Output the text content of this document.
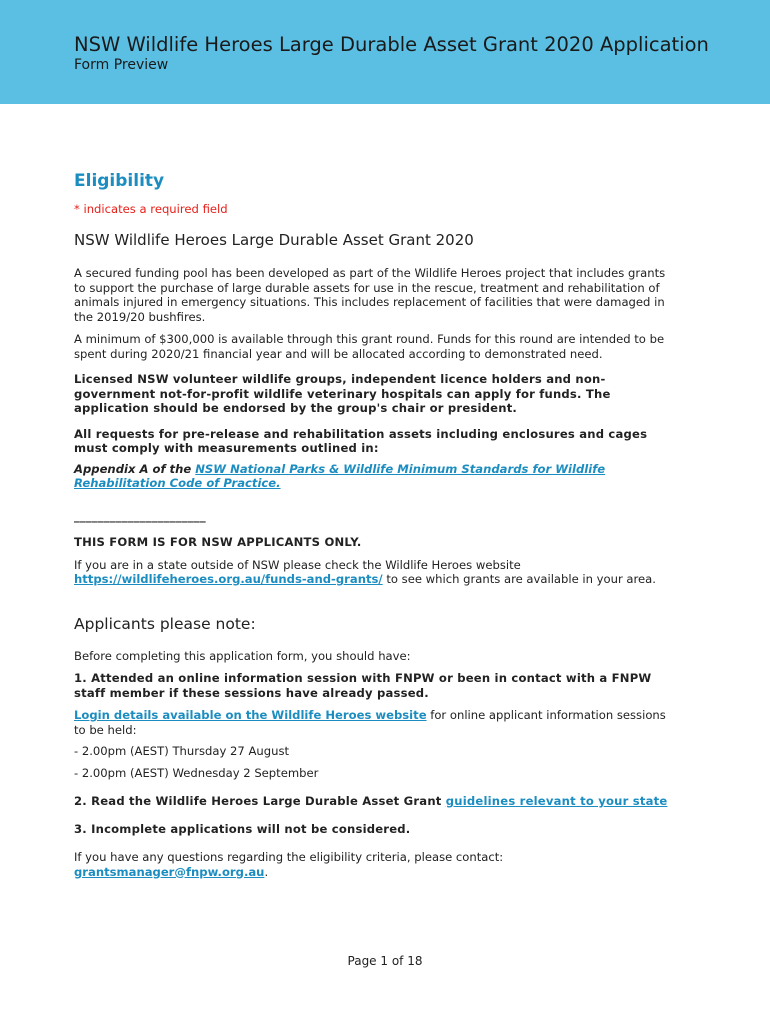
NSW Wildlife Heroes Large Durable Asset Grant 2020 Application
Form Preview
Eligibility
* indicates a required field
NSW Wildlife Heroes Large Durable Asset Grant 2020

A secured funding pool has been developed as part of the Wildlife Heroes project that includes grants to support the purchase of large durable assets for use in the rescue, treatment and rehabilitation of animals injured in emergency situations. This includes replacement of facilities that were damaged in the 2019/20 bushfires.

A minimum of $300,000 is available through this grant round. Funds for this round are intended to be spent during 2020/21 financial year and will be allocated according to demonstrated need.

Licensed NSW volunteer wildlife groups, independent licence holders and non-government not-for-profit wildlife veterinary hospitals can apply for funds. The application should be endorsed by the group's chair or president.

All requests for pre-release and rehabilitation assets including enclosures and cages must comply with measurements outlined in:

Appendix A of the NSW National Parks & Wildlife Minimum Standards for Wildlife Rehabilitation Code of Practice.

______________________

THIS FORM IS FOR NSW APPLICANTS ONLY.

If you are in a state outside of NSW please check the Wildlife Heroes website https://wildlifeheroes.org.au/funds-and-grants/ to see which grants are available in your area.

Applicants please note:

Before completing this application form, you should have:

1. Attended an online information session with FNPW or been in contact with a FNPW staff member if these sessions have already passed.

Login details available on the Wildlife Heroes website for online applicant information sessions to be held:

- 2.00pm (AEST) Thursday 27 August

- 2.00pm (AEST) Wednesday 2 September

2. Read the Wildlife Heroes Large Durable Asset Grant guidelines relevant to your state

3. Incomplete applications will not be considered.

If you have any questions regarding the eligibility criteria, please contact: grantsmanager@fnpw.org.au.

Page 1 of 18
